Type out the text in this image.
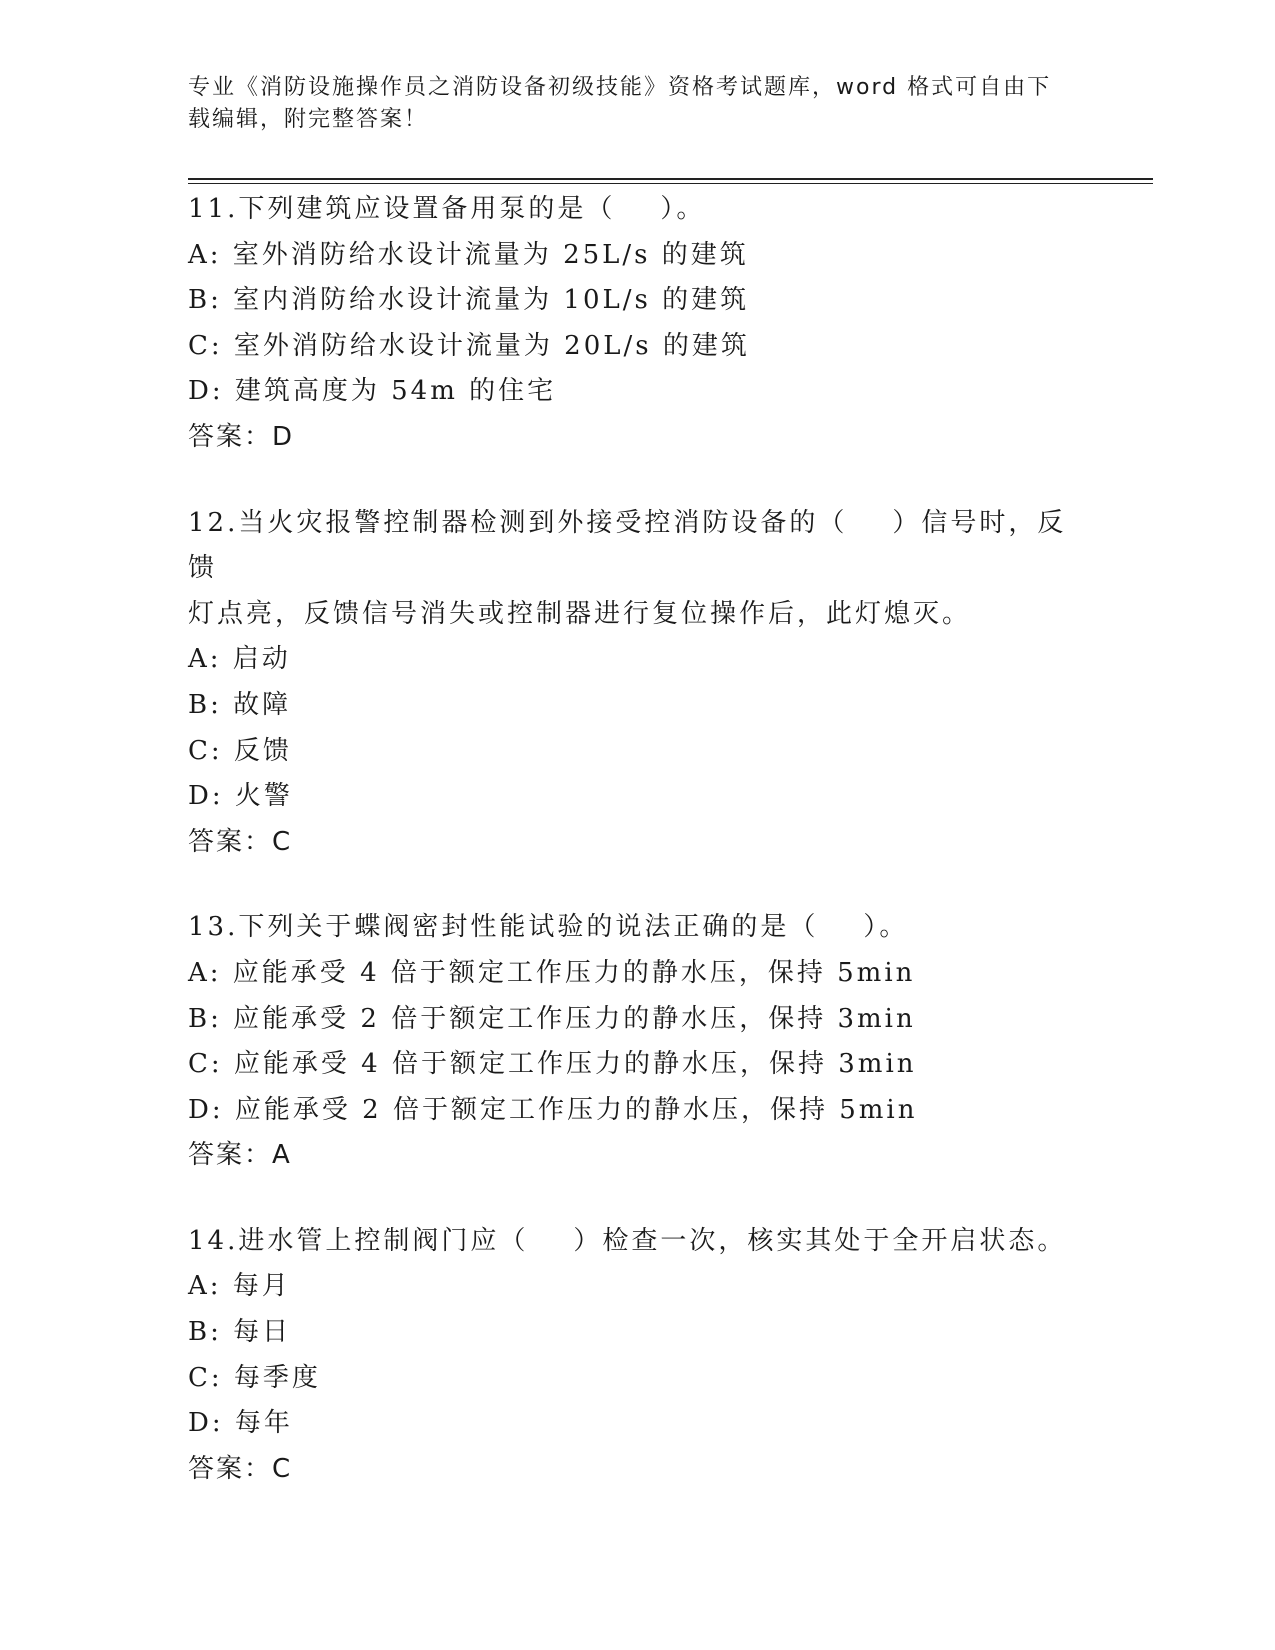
专业《消防设施操作员之消防设备初级技能》资格考试题库，word 格式可自由下
载编辑，附完整答案！
11.下列建筑应设置备用泵的是（    ）。
A: 室外消防给水设计流量为 25L/s 的建筑
B: 室内消防给水设计流量为 10L/s 的建筑
C: 室外消防给水设计流量为 20L/s 的建筑
D: 建筑高度为 54m 的住宅
答案：D
12.当火灾报警控制器检测到外接受控消防设备的（    ）信号时，反馈
灯点亮，反馈信号消失或控制器进行复位操作后，此灯熄灭。
A: 启动
B: 故障
C: 反馈
D: 火警
答案：C
13.下列关于蝶阀密封性能试验的说法正确的是（    ）。
A: 应能承受 4 倍于额定工作压力的静水压，保持 5min
B: 应能承受 2 倍于额定工作压力的静水压，保持 3min
C: 应能承受 4 倍于额定工作压力的静水压，保持 3min
D: 应能承受 2 倍于额定工作压力的静水压，保持 5min
答案：A
14.进水管上控制阀门应（    ）检查一次，核实其处于全开启状态。
A: 每月
B: 每日
C: 每季度
D: 每年
答案：C
